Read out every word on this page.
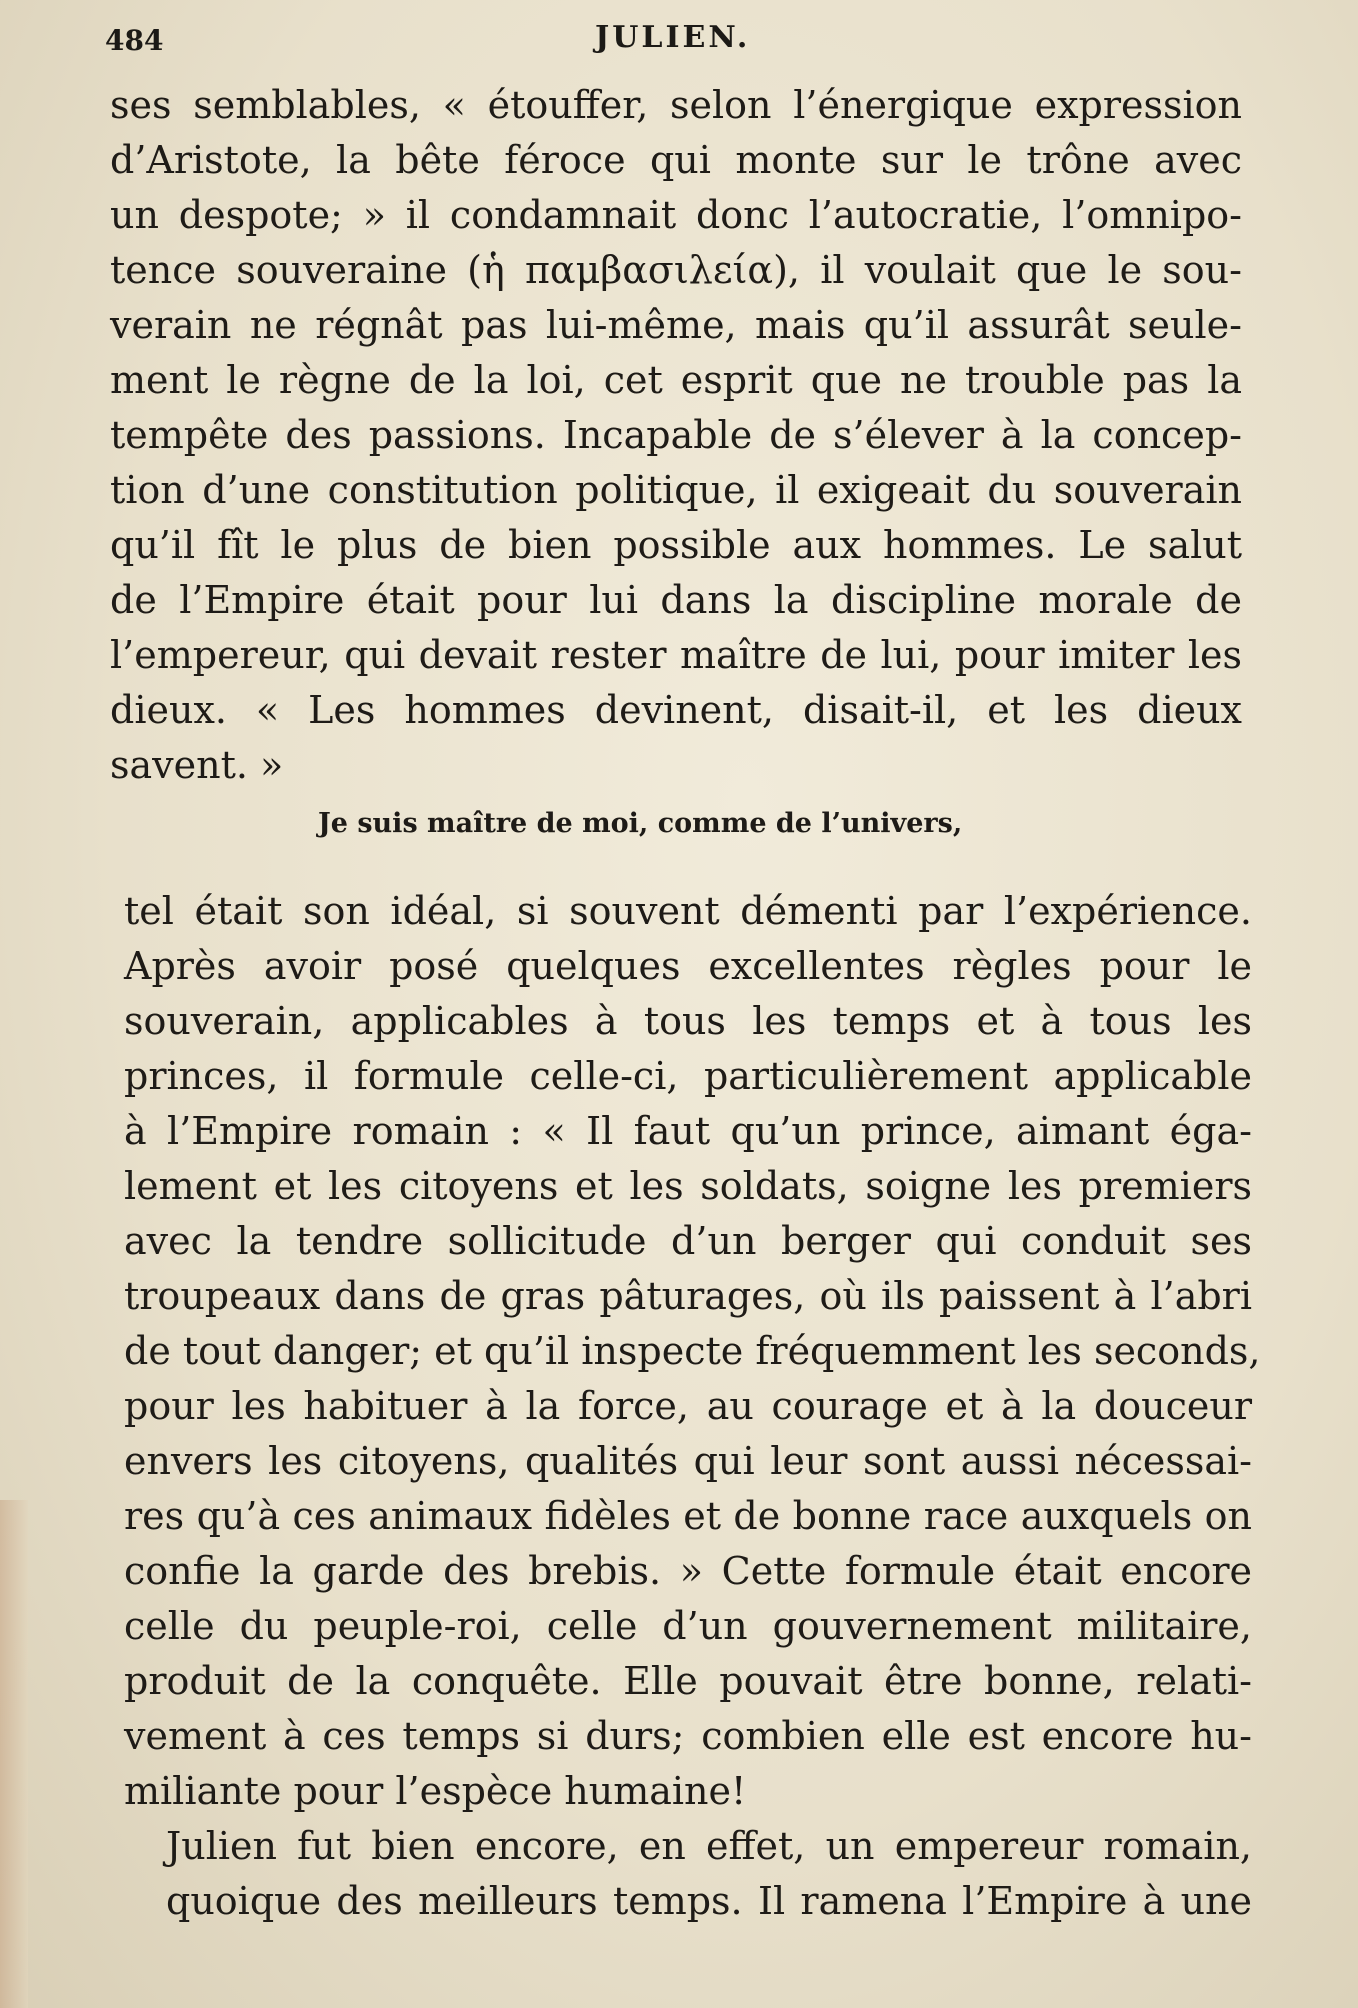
484	JULIEN.
ses semblables, « étouffer, selon l’énergique expression
d’Aristote, la bête féroce qui monte sur le trône avec
un despote; » il condamnait donc l’autocratie, l’omnipo-
tence souveraine (ἡ παμβασιλεία), il voulait que le sou-
verain ne régnât pas lui-même, mais qu’il assurât seule-
ment le règne de la loi, cet esprit que ne trouble pas la
tempête des passions. Incapable de s’élever à la concep-
tion d’une constitution politique, il exigeait du souverain
qu’il fît le plus de bien possible aux hommes. Le salut
de l’Empire était pour lui dans la discipline morale de
l’empereur, qui devait rester maître de lui, pour imiter les
dieux. « Les hommes devinent, disait-il, et les dieux
savent. »
Je suis maître de moi, comme de l’univers,
tel était son idéal, si souvent démenti par l’expérience.
Après avoir posé quelques excellentes règles pour le
souverain, applicables à tous les temps et à tous les
princes, il formule celle-ci, particulièrement applicable
à l’Empire romain : « Il faut qu’un prince, aimant éga-
lement et les citoyens et les soldats, soigne les premiers
avec la tendre sollicitude d’un berger qui conduit ses
troupeaux dans de gras pâturages, où ils paissent à l’abri
de tout danger; et qu’il inspecte fréquemment les seconds,
pour les habituer à la force, au courage et à la douceur
envers les citoyens, qualités qui leur sont aussi nécessai-
res qu’à ces animaux fidèles et de bonne race auxquels on
confie la garde des brebis. » Cette formule était encore
celle du peuple-roi, celle d’un gouvernement militaire,
produit de la conquête. Elle pouvait être bonne, relati-
vement à ces temps si durs; combien elle est encore hu-
miliante pour l’espèce humaine!
Julien fut bien encore, en effet, un empereur romain,
quoique des meilleurs temps. Il ramena l’Empire à une
